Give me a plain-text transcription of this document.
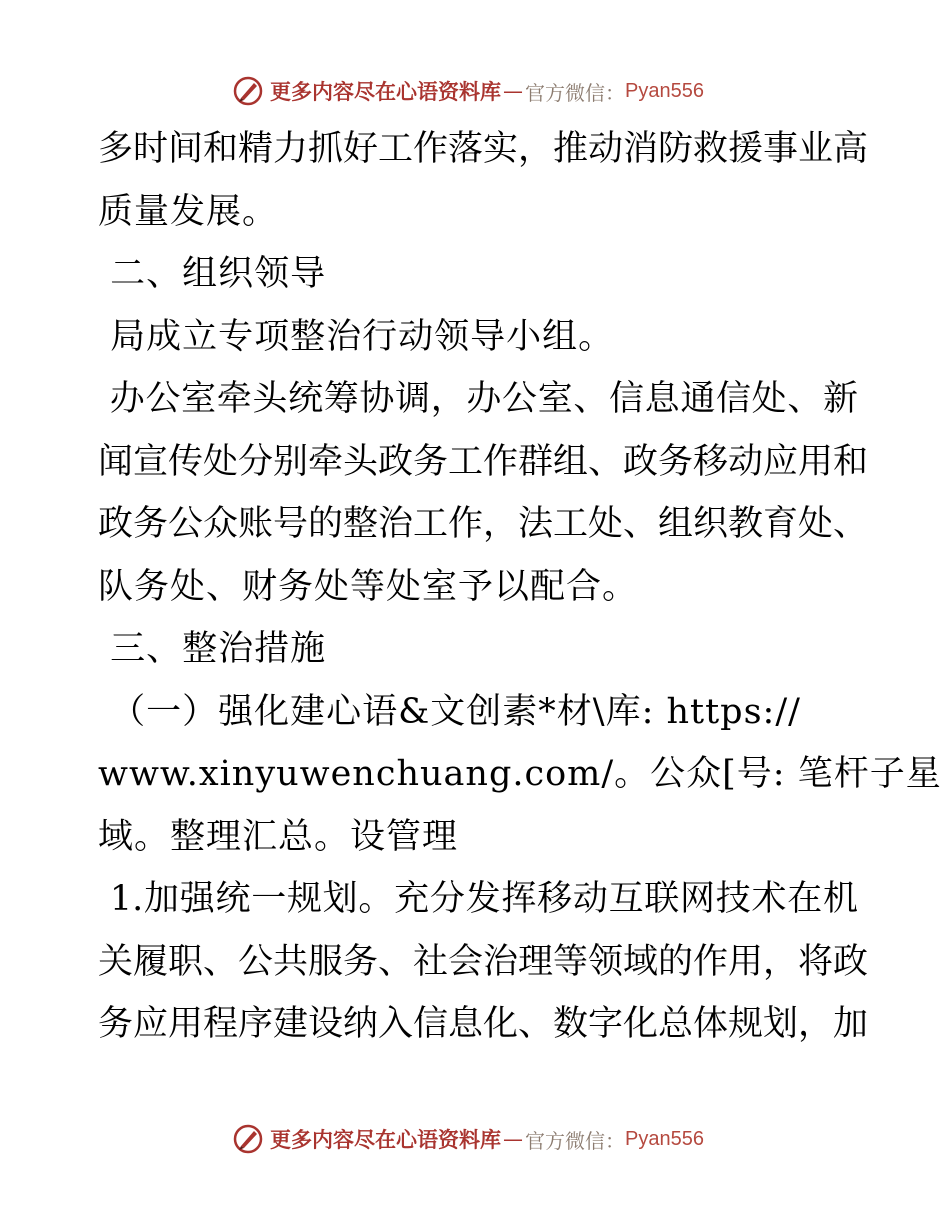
更多内容尽在心语资料库 — 官方微信： Pyan556
多时间和精力抓好工作落实，推动消防救援事业高
质量发展。
二、组织领导
局成立专项整治行动领导小组。
办公室牵头统筹协调，办公室、信息通信处、新
闻宣传处分别牵头政务工作群组、政务移动应用和
政务公众账号的整治工作，法工处、组织教育处、
队务处、财务处等处室予以配合。
三、整治措施
（一）强化建心语&文创素*材\库: https://
www.xinyuwenchuang.com/。公众[号: 笔杆子星
域。整理汇总。设管理
1.加强统一规划。充分发挥移动互联网技术在机
关履职、公共服务、社会治理等领域的作用，将政
务应用程序建设纳入信息化、数字化总体规划，加
更多内容尽在心语资料库 — 官方微信： Pyan556
